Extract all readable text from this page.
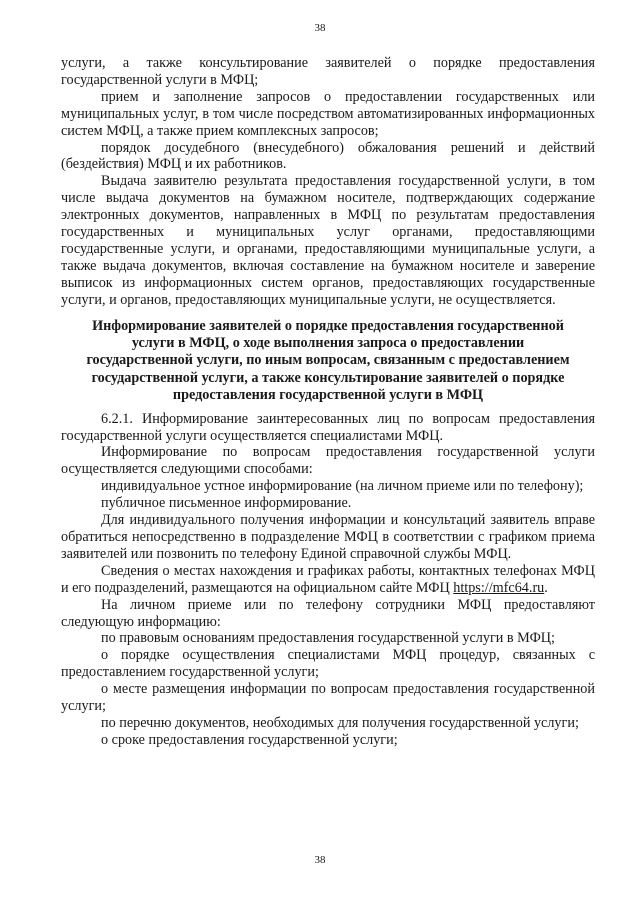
38

услуги, а также консультирование заявителей о порядке предоставления государственной услуги в МФЦ;

прием и заполнение запросов о предоставлении государственных или муниципальных услуг, в том числе посредством автоматизированных информационных систем МФЦ, а также прием комплексных запросов;

порядок досудебного (внесудебного) обжалования решений и действий (бездействия) МФЦ и их работников.

Выдача заявителю результата предоставления государственной услуги, в том числе выдача документов на бумажном носителе, подтверждающих содержание электронных документов, направленных в МФЦ по результатам предоставления государственных и муниципальных услуг органами, предоставляющими государственные услуги, и органами, предоставляющими муниципальные услуги, а также выдача документов, включая составление на бумажном носителе и заверение выписок из информационных систем органов, предоставляющих государственные услуги, и органов, предоставляющих муниципальные услуги, не осуществляется.

Информирование заявителей о порядке предоставления государственной
услуги в МФЦ, о ходе выполнения запроса о предоставлении
государственной услуги, по иным вопросам, связанным с предоставлением
государственной услуги, а также консультирование заявителей о порядке
предоставления государственной услуги в МФЦ

6.2.1. Информирование заинтересованных лиц по вопросам предоставления государственной услуги осуществляется специалистами МФЦ.

Информирование по вопросам предоставления государственной услуги осуществляется следующими способами:

индивидуальное устное информирование (на личном приеме или по телефону);

публичное письменное информирование.

Для индивидуального получения информации и консультаций заявитель вправе обратиться непосредственно в подразделение МФЦ в соответствии с графиком приема заявителей или позвонить по телефону Единой справочной службы МФЦ.

Сведения о местах нахождения и графиках работы, контактных телефонах МФЦ и его подразделений, размещаются на официальном сайте МФЦ https://mfc64.ru.

На личном приеме или по телефону сотрудники МФЦ предоставляют следующую информацию:

по правовым основаниям предоставления государственной услуги в МФЦ;

о порядке осуществления специалистами МФЦ процедур, связанных с предоставлением государственной услуги;

о месте размещения информации по вопросам предоставления государственной услуги;

по перечню документов, необходимых для получения государственной услуги;

о сроке предоставления государственной услуги;

38
